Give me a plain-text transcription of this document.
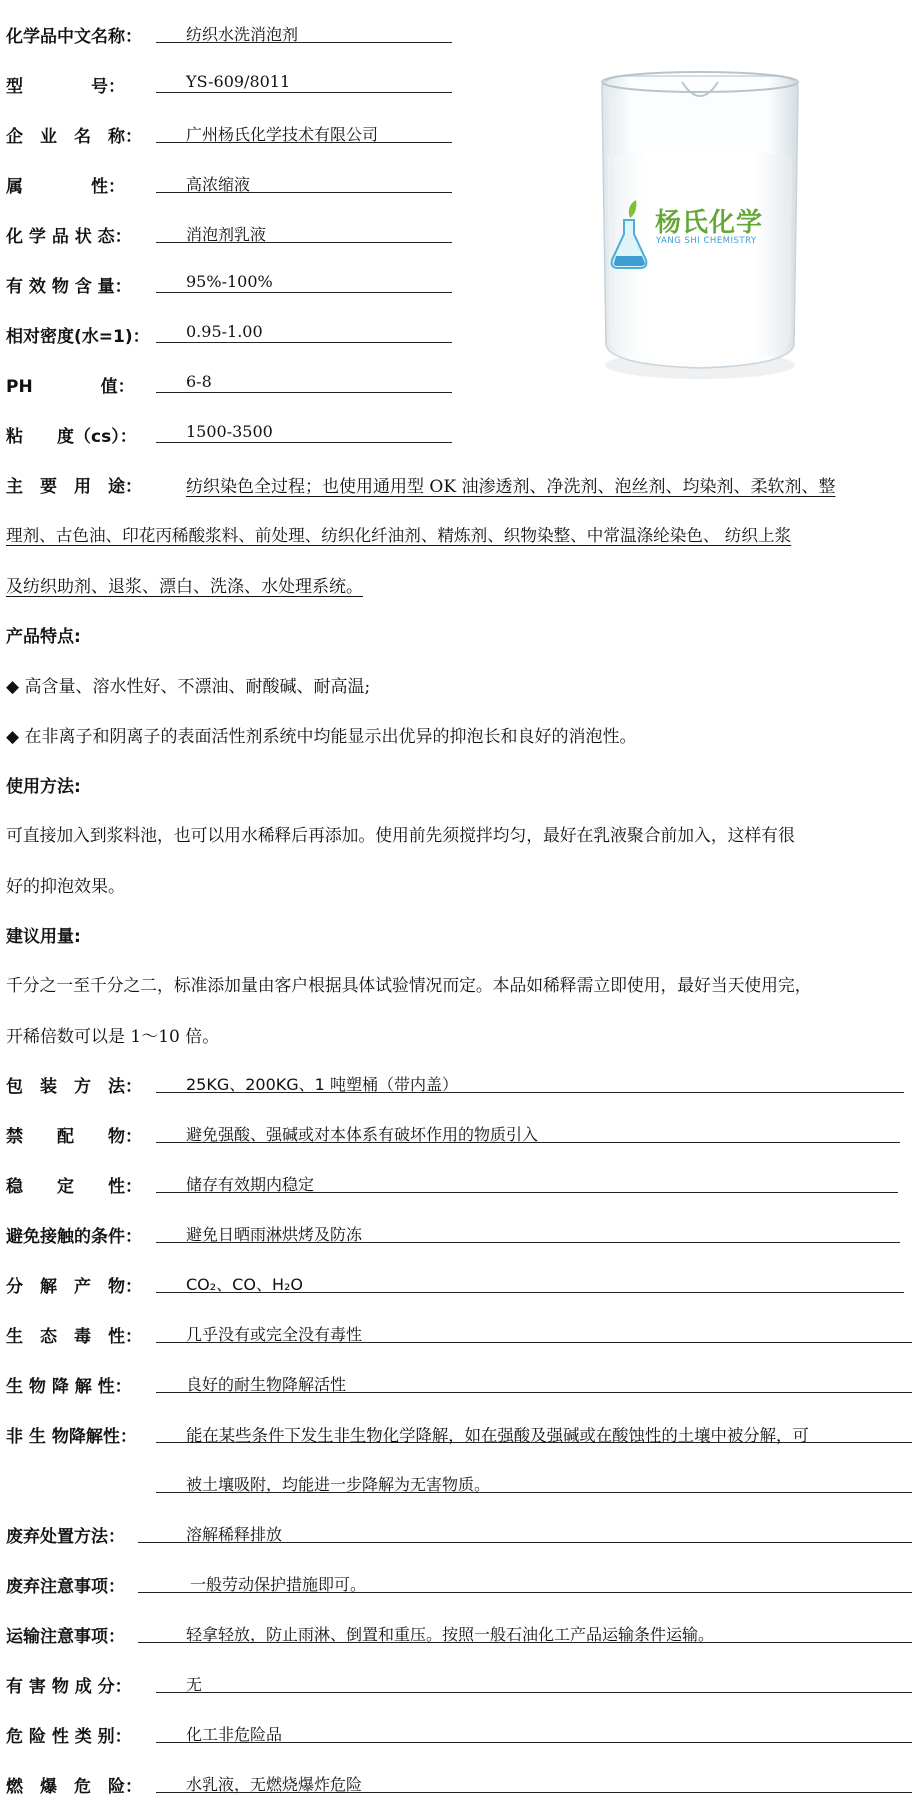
化学品中文名称：	纺织水洗消泡剂
型　　　　号：	YS-609/8011
企　业　名　称：	广州杨氏化学技术有限公司
属　　　　性：	高浓缩液
化 学 品 状 态：	消泡剂乳液
有 效 物 含 量：	95%-100%
相对密度(水=1)： 0.95-1.00
PH　　　　值：	6-8
粘　　度（cs）：	1500-3500
杨氏化学
YANG SHI CHEMISTRY
主　要　用　途：	纺织染色全过程；也使用通用型 OK 油渗透剂、净洗剂、泡丝剂、均染剂、柔软剂、整
理剂、古色油、印花丙稀酸浆料、前处理、纺织化纤油剂、精炼剂、织物染整、中常温涤纶染色、 纺织上浆
及纺织助剂、退浆、漂白、洗涤、水处理系统。
产品特点:
◆ 高含量、溶水性好、不漂油、耐酸碱、耐高温;
◆ 在非离子和阴离子的表面活性剂系统中均能显示出优异的抑泡长和良好的消泡性。
使用方法:
可直接加入到浆料池，也可以用水稀释后再添加。使用前先须搅拌均匀，最好在乳液聚合前加入，这样有很
好的抑泡效果。
建议用量:
千分之一至千分之二，标准添加量由客户根据具体试验情况而定。本品如稀释需立即使用，最好当天使用完，
开稀倍数可以是 1～10 倍。
包　装　方　法：	25KG、200KG、1 吨塑桶（带内盖）
禁　　配　　物：	避免强酸、强碱或对本体系有破坏作用的物质引入
稳　　定　　性：	储存有效期内稳定
避免接触的条件：	避免日晒雨淋烘烤及防冻
分　解　产　物：	CO₂、CO、H₂O
生　态　毒　性：	几乎没有或完全没有毒性
生 物 降 解 性：	良好的耐生物降解活性
非 生 物降解性：	能在某些条件下发生非生物化学降解，如在强酸及强碱或在酸蚀性的土壤中被分解，可
被土壤吸附，均能进一步降解为无害物质。
废弃处置方法：	溶解稀释排放
废弃注意事项：	一般劳动保护措施即可。
运输注意事项：	轻拿轻放，防止雨淋、倒置和重压。按照一般石油化工产品运输条件运输。
有 害 物 成 分：	无
危 险 性 类 别：	化工非危险品
燃　爆　危　险：	水乳液，无燃烧爆炸危险
